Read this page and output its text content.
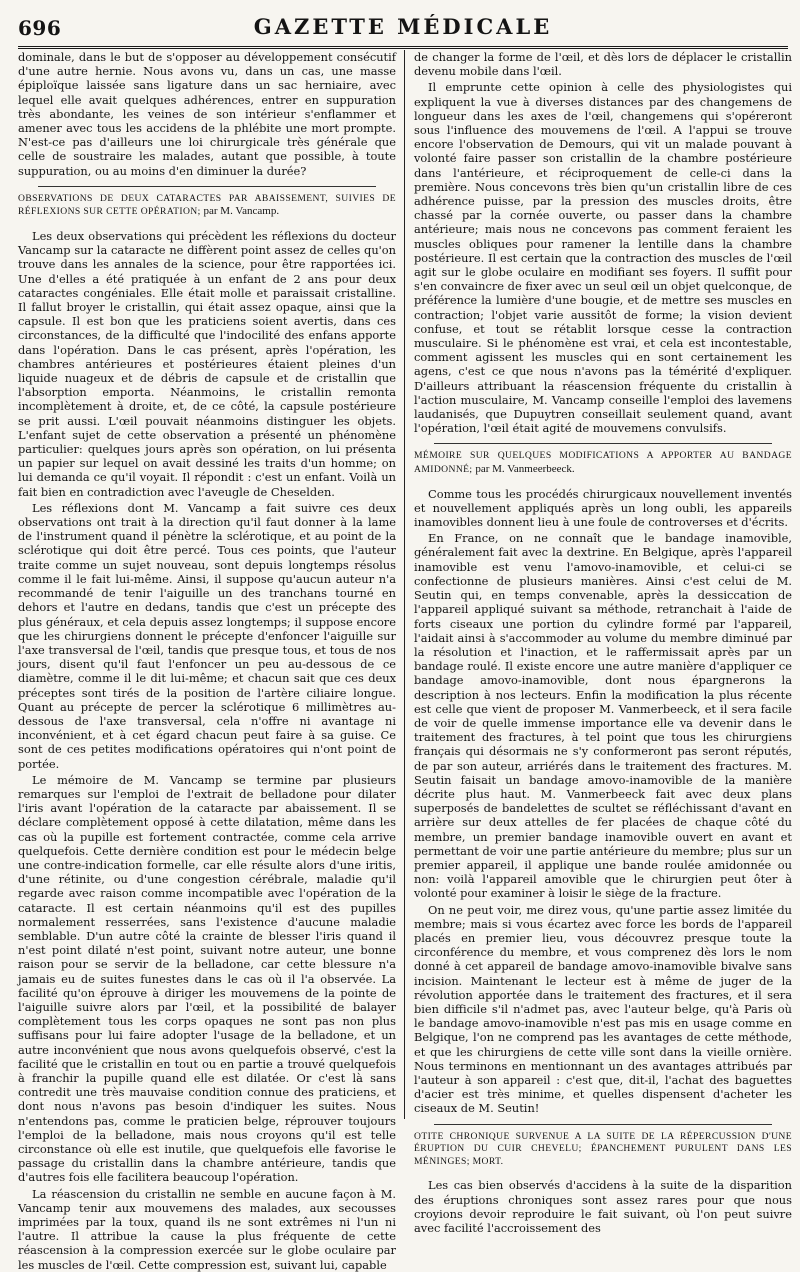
696	GAZETTE MÉDICALE

dominale, dans le but de s'opposer au développement consécutif d'une autre hernie. Nous avons vu, dans un cas, une masse épiploïque laissée sans ligature dans un sac herniaire, avec lequel elle avait quelques adhérences, entrer en suppuration très abondante, les veines de son intérieur s'enflammer et amener avec tous les accidens de la phlébite une mort prompte. N'est-ce pas d'ailleurs une loi chirurgicale très générale que celle de soustraire les malades, autant que possible, à toute suppuration, ou au moins d'en diminuer la durée?

OBSERVATIONS DE DEUX CATARACTES PAR ABAISSEMENT, SUIVIES DE RÉFLEXIONS SUR CETTE OPÉRATION; par M. Vancamp.

Les deux observations qui précèdent les réflexions du docteur Vancamp sur la cataracte ne diffèrent point assez de celles qu'on trouve dans les annales de la science, pour être rapportées ici. Une d'elles a été pratiquée à un enfant de 2 ans pour deux cataractes congéniales. Elle était molle et paraissait cristalline. Il fallut broyer le cristallin, qui était assez opaque, ainsi que la capsule. Il est bon que les praticiens soient avertis, dans ces circonstances, de la difficulté que l'indocilité des enfans apporte dans l'opération. Dans le cas présent, après l'opération, les chambres antérieures et postérieures étaient pleines d'un liquide nuageux et de débris de capsule et de cristallin que l'absorption emporta. Néanmoins, le cristallin remonta incomplètement à droite, et, de ce côté, la capsule postérieure se prit aussi. L'œil pouvait néanmoins distinguer les objets. L'enfant sujet de cette observation a présenté un phénomène particulier: quelques jours après son opération, on lui présenta un papier sur lequel on avait dessiné les traits d'un homme; on lui demanda ce qu'il voyait. Il répondit : c'est un enfant. Voilà un fait bien en contradiction avec l'aveugle de Cheselden.

Les réflexions dont M. Vancamp a fait suivre ces deux observations ont trait à la direction qu'il faut donner à la lame de l'instrument quand il pénètre la sclérotique, et au point de la sclérotique qui doit être percé. Tous ces points, que l'auteur traite comme un sujet nouveau, sont depuis longtemps résolus comme il le fait lui-même. Ainsi, il suppose qu'aucun auteur n'a recommandé de tenir l'aiguille un des tranchans tourné en dehors et l'autre en dedans, tandis que c'est un précepte des plus généraux, et cela depuis assez longtemps; il suppose encore que les chirurgiens donnent le précepte d'enfoncer l'aiguille sur l'axe transversal de l'œil, tandis que presque tous, et tous de nos jours, disent qu'il faut l'enfoncer un peu au-dessous de ce diamètre, comme il le dit lui-même; et chacun sait que ces deux préceptes sont tirés de la position de l'artère ciliaire longue. Quant au précepte de percer la sclérotique 6 millimètres au-dessous de l'axe transversal, cela n'offre ni avantage ni inconvénient, et à cet égard chacun peut faire à sa guise. Ce sont de ces petites modifications opératoires qui n'ont point de portée.

Le mémoire de M. Vancamp se termine par plusieurs remarques sur l'emploi de l'extrait de belladone pour dilater l'iris avant l'opération de la cataracte par abaissement. Il se déclare complètement opposé à cette dilatation, même dans les cas où la pupille est fortement contractée, comme cela arrive quelquefois. Cette dernière condition est pour le médecin belge une contre-indication formelle, car elle résulte alors d'une iritis, d'une rétinite, ou d'une congestion cérébrale, maladie qu'il regarde avec raison comme incompatible avec l'opération de la cataracte. Il est certain néanmoins qu'il est des pupilles normalement resserrées, sans l'existence d'aucune maladie semblable. D'un autre côté la crainte de blesser l'iris quand il n'est point dilaté n'est point, suivant notre auteur, une bonne raison pour se servir de la belladone, car cette blessure n'a jamais eu de suites funestes dans le cas où il l'a observée. La facilité qu'on éprouve à diriger les mouvemens de la pointe de l'aiguille suivre alors par l'œil, et la possibilité de balayer complètement tous les corps opaques ne sont pas non plus suffisans pour lui faire adopter l'usage de la belladone, et un autre inconvénient que nous avons quelquefois observé, c'est la facilité que le cristallin en tout ou en partie a trouvé quelquefois à franchir la pupille quand elle est dilatée. Or c'est là sans contredit une très mauvaise condition connue des praticiens, et dont nous n'avons pas besoin d'indiquer les suites. Nous n'entendons pas, comme le praticien belge, réprouver toujours l'emploi de la belladone, mais nous croyons qu'il est telle circonstance où elle est inutile, que quelquefois elle favorise le passage du cristallin dans la chambre antérieure, tandis que d'autres fois elle facilitera beaucoup l'opération.

La réascension du cristallin ne semble en aucune façon à M. Vancamp tenir aux mouvemens des malades, aux secousses imprimées par la toux, quand ils ne sont extrêmes ni l'un ni l'autre. Il attribue la cause la plus fréquente de cette réascension à la compression exercée sur le globe oculaire par les muscles de l'œil. Cette compression est, suivant lui, capable

de changer la forme de l'œil, et dès lors de déplacer le cristallin devenu mobile dans l'œil.

Il emprunte cette opinion à celle des physiologistes qui expliquent la vue à diverses distances par des changemens de longueur dans les axes de l'œil, changemens qui s'opéreront sous l'influence des mouvemens de l'œil. A l'appui se trouve encore l'observation de Demours, qui vit un malade pouvant à volonté faire passer son cristallin de la chambre postérieure dans l'antérieure, et réciproquement de celle-ci dans la première. Nous concevons très bien qu'un cristallin libre de ces adhérence puisse, par la pression des muscles droits, être chassé par la cornée ouverte, ou passer dans la chambre antérieure; mais nous ne concevons pas comment feraient les muscles obliques pour ramener la lentille dans la chambre postérieure. Il est certain que la contraction des muscles de l'œil agit sur le globe oculaire en modifiant ses foyers. Il suffit pour s'en convaincre de fixer avec un seul œil un objet quelconque, de préférence la lumière d'une bougie, et de mettre ses muscles en contraction; l'objet varie aussitôt de forme; la vision devient confuse, et tout se rétablit lorsque cesse la contraction musculaire. Si le phénomène est vrai, et cela est incontestable, comment agissent les muscles qui en sont certainement les agens, c'est ce que nous n'avons pas la témérité d'expliquer. D'ailleurs attribuant la réascension fréquente du cristallin à l'action musculaire, M. Vancamp conseille l'emploi des lavemens laudanisés, que Dupuytren conseillait seulement quand, avant l'opération, l'œil était agité de mouvemens convulsifs.

MÉMOIRE SUR QUELQUES MODIFICATIONS A APPORTER AU BANDAGE AMIDONNÉ; par M. Vanmeerbeeck.

Comme tous les procédés chirurgicaux nouvellement inventés et nouvellement appliqués après un long oubli, les appareils inamovibles donnent lieu à une foule de controverses et d'écrits.

En France, on ne connaît que le bandage inamovible, généralement fait avec la dextrine. En Belgique, après l'appareil inamovible est venu l'amovo-inamovible, et celui-ci se confectionne de plusieurs manières. Ainsi c'est celui de M. Seutin qui, en temps convenable, après la dessiccation de l'appareil appliqué suivant sa méthode, retranchait à l'aide de forts ciseaux une portion du cylindre formé par l'appareil, l'aidait ainsi à s'accommoder au volume du membre diminué par la résolution et l'inaction, et le raffermissait après par un bandage roulé. Il existe encore une autre manière d'appliquer ce bandage amovo-inamovible, dont nous épargnerons la description à nos lecteurs. Enfin la modification la plus récente est celle que vient de proposer M. Vanmerbeeck, et il sera facile de voir de quelle immense importance elle va devenir dans le traitement des fractures, à tel point que tous les chirurgiens français qui désormais ne s'y conformeront pas seront réputés, de par son auteur, arriérés dans le traitement des fractures. M. Seutin faisait un bandage amovo-inamovible de la manière décrite plus haut. M. Vanmerbeeck fait avec deux plans superposés de bandelettes de scultet se réfléchissant d'avant en arrière sur deux attelles de fer placées de chaque côté du membre, un premier bandage inamovible ouvert en avant et permettant de voir une partie antérieure du membre; plus sur un premier appareil, il applique une bande roulée amidonnée ou non: voilà l'appareil amovible que le chirurgien peut ôter à volonté pour examiner à loisir le siège de la fracture.

On ne peut voir, me direz vous, qu'une partie assez limitée du membre; mais si vous écartez avec force les bords de l'appareil placés en premier lieu, vous découvrez presque toute la circonférence du membre, et vous comprenez dès lors le nom donné à cet appareil de bandage amovo-inamovible bivalve sans incision. Maintenant le lecteur est à même de juger de la révolution apportée dans le traitement des fractures, et il sera bien difficile s'il n'admet pas, avec l'auteur belge, qu'à Paris où le bandage amovo-inamovible n'est pas mis en usage comme en Belgique, l'on ne comprend pas les avantages de cette méthode, et que les chirurgiens de cette ville sont dans la vieille ornière. Nous terminons en mentionnant un des avantages attribués par l'auteur à son appareil : c'est que, dit-il, l'achat des baguettes d'acier est très minime, et quelles dispensent d'acheter les ciseaux de M. Seutin!

OTITE CHRONIQUE SURVENUE A LA SUITE DE LA RÉPERCUSSION D'UNE ÉRUPTION DU CUIR CHEVELU; ÉPANCHEMENT PURULENT DANS LES MÉNINGES; MORT.

Les cas bien observés d'accidens à la suite de la disparition des éruptions chroniques sont assez rares pour que nous croyions devoir reproduire le fait suivant, où l'on peut suivre avec facilité l'accroissement des
